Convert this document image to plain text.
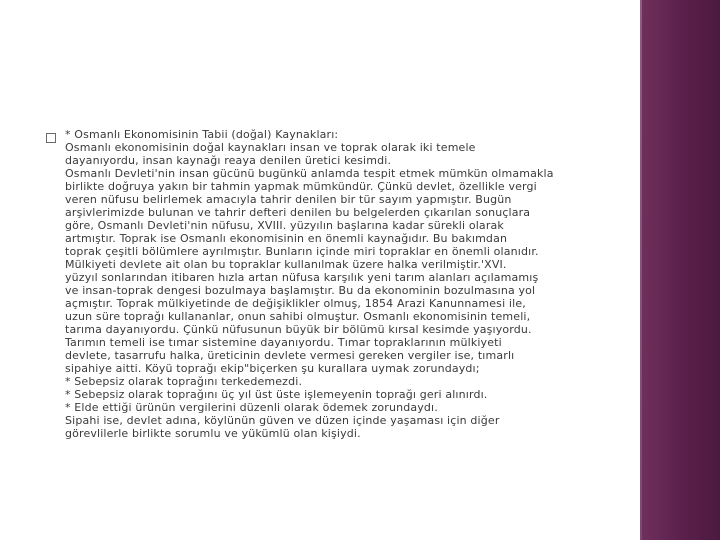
* Osmanlı Ekonomisinin Tabii (doğal) Kaynakları:
Osmanlı ekonomisinin doğal kaynakları insan ve toprak olarak iki temele
dayanıyordu, insan kaynağı reaya denilen üretici kesimdi.
Osmanlı Devleti'nin insan gücünü bugünkü anlamda tespit etmek mümkün olmamakla
birlikte doğruya yakın bir tahmin yapmak mümkündür. Çünkü devlet, özellikle vergi
veren nüfusu belirlemek amacıyla tahrir denilen bir tür sayım yapmıştır. Bugün
arşivlerimizde bulunan ve tahrir defteri denilen bu belgelerden çıkarılan sonuçlara
göre, Osmanlı Devleti'nin nüfusu, XVIII. yüzyılın başlarına kadar sürekli olarak
artmıştır. Toprak ise Osmanlı ekonomisinin en önemli kaynağıdır. Bu bakımdan
toprak çeşitli bölümlere ayrılmıştır. Bunların içinde miri topraklar en önemli olanıdır.
Mülkiyeti devlete ait olan bu topraklar kullanılmak üzere halka verilmiştir.'XVI.
yüzyıl sonlarından itibaren hızla artan nüfusa karşılık yeni tarım alanları açılamamış
ve insan-toprak dengesi bozulmaya başlamıştır. Bu da ekonominin bozulmasına yol
açmıştır. Toprak mülkiyetinde de değişiklikler olmuş, 1854 Arazi Kanunnamesi ile,
uzun süre toprağı kullananlar, onun sahibi olmuştur. Osmanlı ekonomisinin temeli,
tarıma dayanıyordu. Çünkü nüfusunun büyük bir bölümü kırsal kesimde yaşıyordu.
Tarımın temeli ise tımar sistemine dayanıyordu. Tımar topraklarının mülkiyeti
devlete, tasarrufu halka, üreticinin devlete vermesi gereken vergiler ise, tımarlı
sipahiye aitti. Köyü toprağı ekip"biçerken şu kurallara uymak zorundaydı;
* Sebepsiz olarak toprağını terkedemezdi.
* Sebepsiz olarak toprağını üç yıl üst üste işlemeyenin toprağı geri alınırdı.
* Elde ettiği ürünün vergilerini düzenli olarak ödemek zorundaydı.
Sipahi ise, devlet adına, köylünün güven ve düzen içinde yaşaması için diğer
görevlilerle birlikte sorumlu ve yükümlü olan kişiydi.
